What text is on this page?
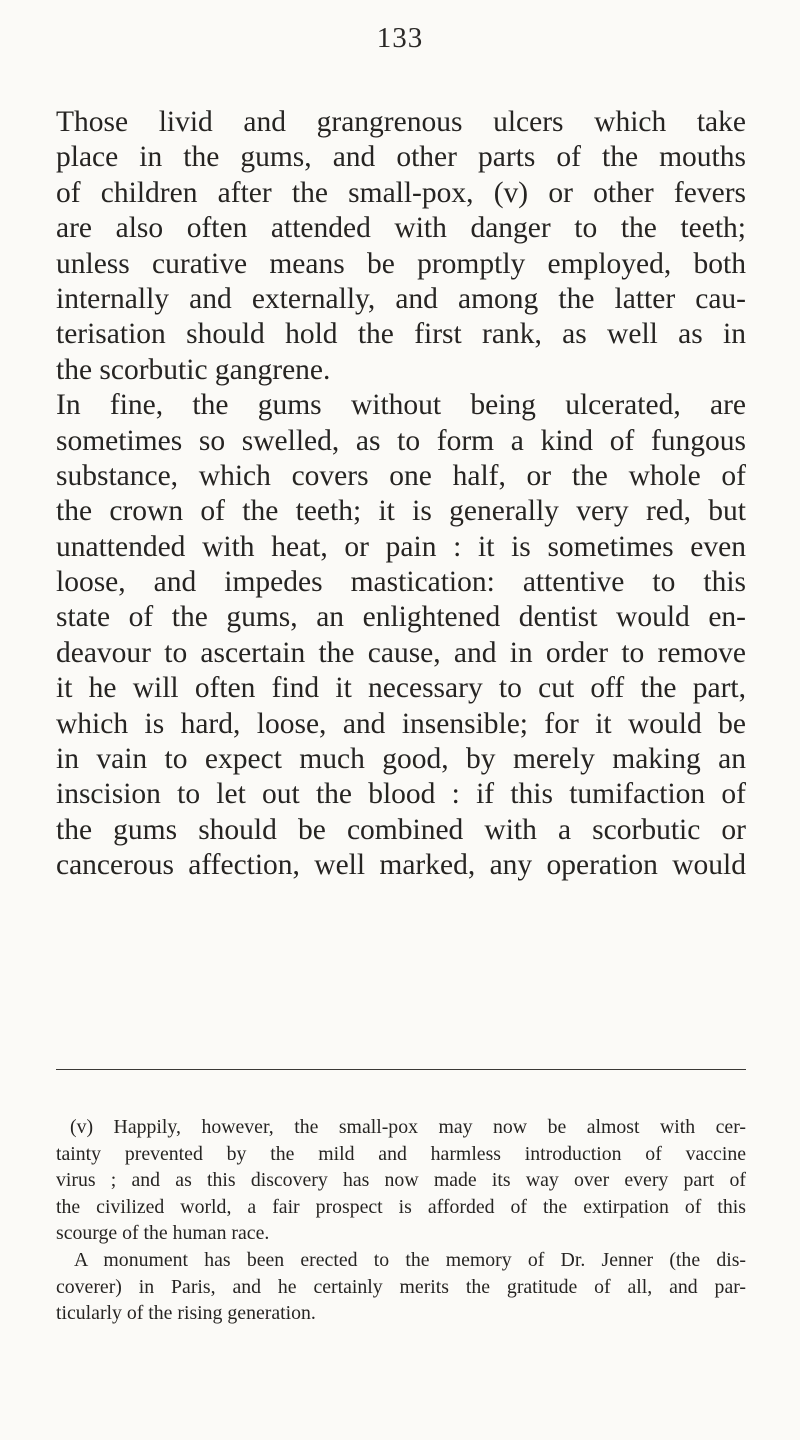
133
Those livid and grangrenous ulcers which take
place in the gums, and other parts of the mouths
of children after the small-pox, (v) or other fevers
are also often attended with danger to the teeth;
unless curative means be promptly employed, both
internally and externally, and among the latter cau-
terisation should hold the first rank, as well as in
the scorbutic gangrene.
In fine, the gums without being ulcerated, are
sometimes so swelled, as to form a kind of fungous
substance, which covers one half, or the whole of
the crown of the teeth; it is generally very red, but
unattended with heat, or pain : it is sometimes even
loose, and impedes mastication: attentive to this
state of the gums, an enlightened dentist would en-
deavour to ascertain the cause, and in order to remove
it he will often find it necessary to cut off the part,
which is hard, loose, and insensible; for it would be
in vain to expect much good, by merely making an
inscision to let out the blood : if this tumifaction of
the gums should be combined with a scorbutic or
cancerous affection, well marked, any operation would
(v) Happily, however, the small-pox may now be almost with cer-
tainty prevented by the mild and harmless introduction of vaccine
virus ; and as this discovery has now made its way over every part of
the civilized world, a fair prospect is afforded of the extirpation of this
scourge of the human race.
A monument has been erected to the memory of Dr. Jenner (the dis-
coverer) in Paris, and he certainly merits the gratitude of all, and par-
ticularly of the rising generation.
